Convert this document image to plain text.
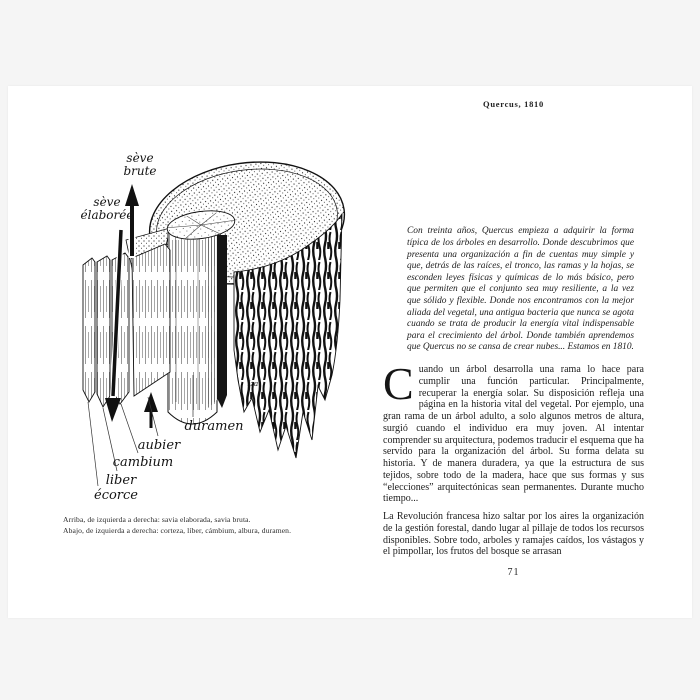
sève
brute
sève
élaborée
duramen
aubier
cambium
liber
écorce
Iza.
Arriba, de izquierda a derecha: savia elaborada, savia bruta.
Abajo, de izquierda a derecha: corteza, líber, cámbium, albura, duramen.
Quercus, 1810

Con treinta años, Quercus empieza a adquirir la forma típica de los árboles en desarrollo. Donde descubrimos que presenta una organización a fin de cuentas muy simple y que, detrás de las raíces, el tronco, las ramas y la hojas, se esconden leyes físicas y químicas de lo más básico, pero que permiten que el conjunto sea muy resiliente, a la vez que sólido y flexible. Donde nos encontramos con la mejor aliada del vegetal, una antigua bacteria que nunca se agota cuando se trata de producir la energía vital indispensable para el crecimiento del árbol. Donde también aprendemos que Quercus no se cansa de crear nubes... Estamos en 1810.

Cuando un árbol desarrolla una rama lo hace para cumplir una función particular. Principalmente, recuperar la energía solar. Su disposición refleja una página en la historia vital del vegetal. Por ejemplo, una gran rama de un árbol adulto, a solo algunos metros de altura, surgió cuando el individuo era muy joven. Al intentar comprender su arquitectura, podemos traducir el esquema que ha servido para la organización del árbol. Su forma delata su historia. Y de manera duradera, ya que la estructura de sus tejidos, sobre todo de la madera, hace que sus formas y sus “elecciones” arquitectónicas sean permanentes. Durante mucho tiempo...

La Revolución francesa hizo saltar por los aires la organización de la gestión forestal, dando lugar al pillaje de todos los recursos disponibles. Sobre todo, arboles y ramajes caídos, los vástagos y el pimpollar, los frutos del bosque se arrasan

71
